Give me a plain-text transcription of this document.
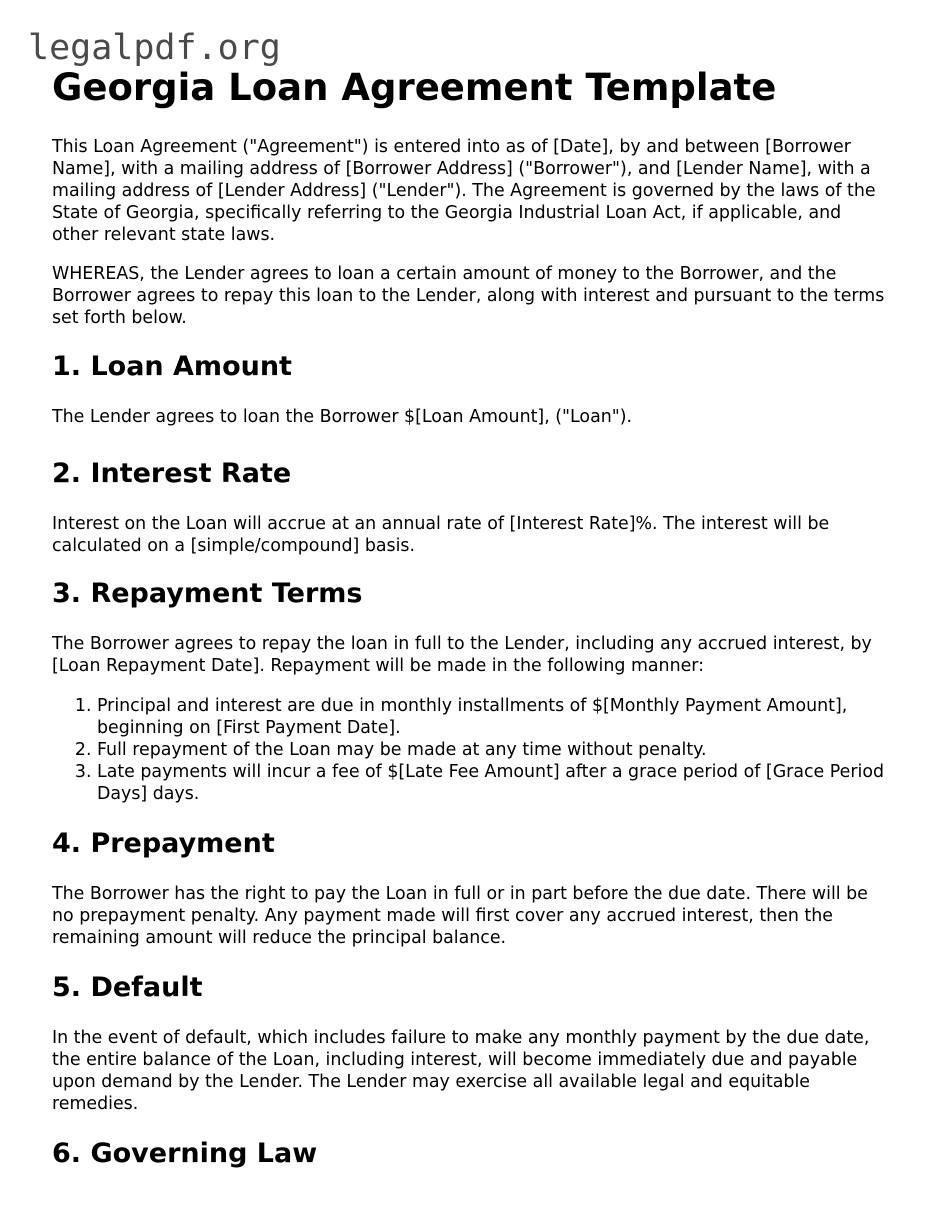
legalpdf.org
Georgia Loan Agreement Template

This Loan Agreement ("Agreement") is entered into as of [Date], by and between [Borrower Name], with a mailing address of [Borrower Address] ("Borrower"), and [Lender Name], with a mailing address of [Lender Address] ("Lender"). The Agreement is governed by the laws of the State of Georgia, specifically referring to the Georgia Industrial Loan Act, if applicable, and other relevant state laws.

WHEREAS, the Lender agrees to loan a certain amount of money to the Borrower, and the Borrower agrees to repay this loan to the Lender, along with interest and pursuant to the terms set forth below.

1. Loan Amount

The Lender agrees to loan the Borrower $[Loan Amount], ("Loan").

2. Interest Rate

Interest on the Loan will accrue at an annual rate of [Interest Rate]%. The interest will be calculated on a [simple/compound] basis.

3. Repayment Terms

The Borrower agrees to repay the loan in full to the Lender, including any accrued interest, by [Loan Repayment Date]. Repayment will be made in the following manner:

1. Principal and interest are due in monthly installments of $[Monthly Payment Amount], beginning on [First Payment Date].
2. Full repayment of the Loan may be made at any time without penalty.
3. Late payments will incur a fee of $[Late Fee Amount] after a grace period of [Grace Period Days] days.
4. Prepayment

The Borrower has the right to pay the Loan in full or in part before the due date. There will be no prepayment penalty. Any payment made will first cover any accrued interest, then the remaining amount will reduce the principal balance.

5. Default

In the event of default, which includes failure to make any monthly payment by the due date, the entire balance of the Loan, including interest, will become immediately due and payable upon demand by the Lender. The Lender may exercise all available legal and equitable remedies.

6. Governing Law
